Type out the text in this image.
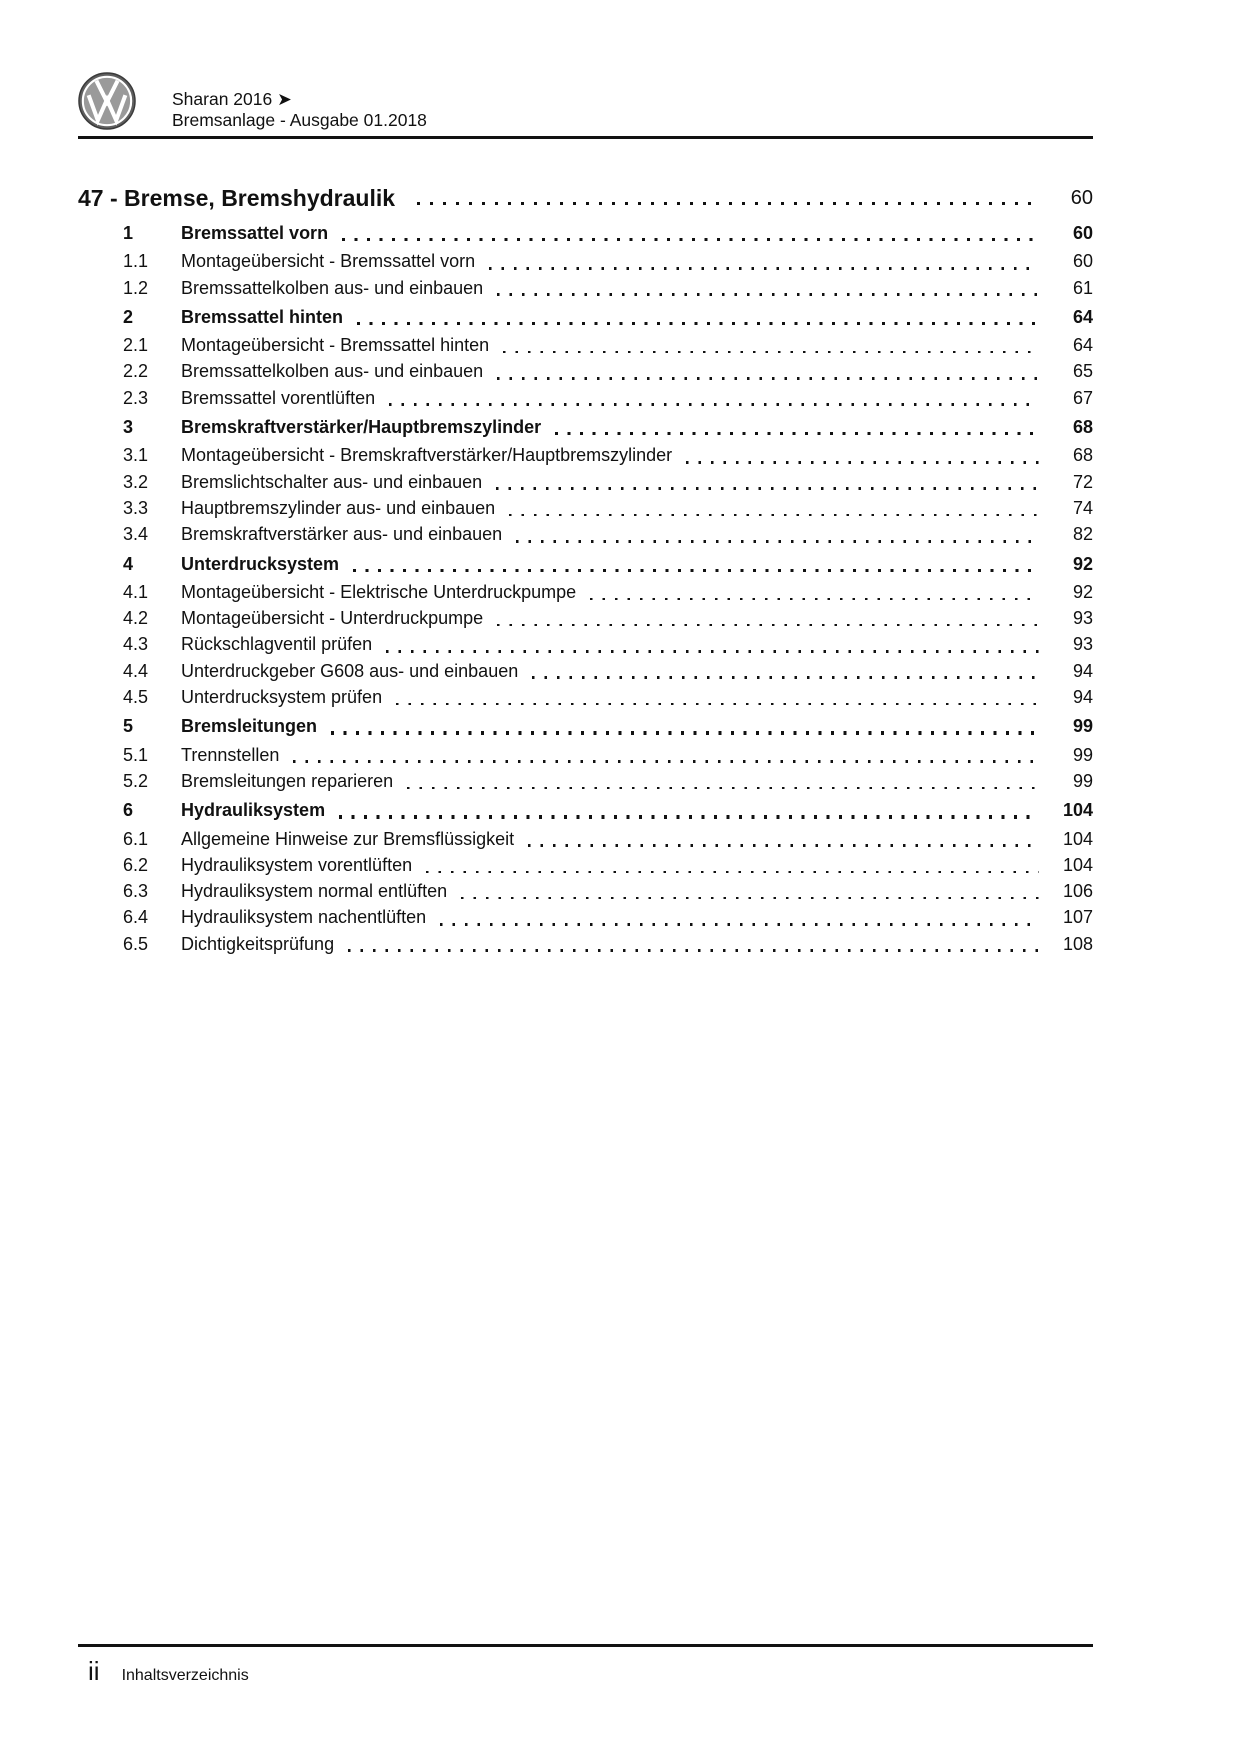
Sharan 2016 ➤
Bremsanlage - Ausgabe 01.2018
47 - Bremse, Bremshydraulik	60
1	Bremssattel vorn	60
1.1	Montageübersicht - Bremssattel vorn	60
1.2	Bremssattelkolben aus- und einbauen	61
2	Bremssattel hinten	64
2.1	Montageübersicht - Bremssattel hinten	64
2.2	Bremssattelkolben aus- und einbauen	65
2.3	Bremssattel vorentlüften	67
3	Bremskraftverstärker/Hauptbremszylinder	68
3.1	Montageübersicht - Bremskraftverstärker/Hauptbremszylinder	68
3.2	Bremslichtschalter aus- und einbauen	72
3.3	Hauptbremszylinder aus- und einbauen	74
3.4	Bremskraftverstärker aus- und einbauen	82
4	Unterdrucksystem	92
4.1	Montageübersicht - Elektrische Unterdruckpumpe	92
4.2	Montageübersicht - Unterdruckpumpe	93
4.3	Rückschlagventil prüfen	93
4.4	Unterdruckgeber G608 aus- und einbauen	94
4.5	Unterdrucksystem prüfen	94
5	Bremsleitungen	99
5.1	Trennstellen	99
5.2	Bremsleitungen reparieren	99
6	Hydrauliksystem	104
6.1	Allgemeine Hinweise zur Bremsflüssigkeit	104
6.2	Hydrauliksystem vorentlüften	104
6.3	Hydrauliksystem normal entlüften	106
6.4	Hydrauliksystem nachentlüften	107
6.5	Dichtigkeitsprüfung	108
ii Inhaltsverzeichnis
